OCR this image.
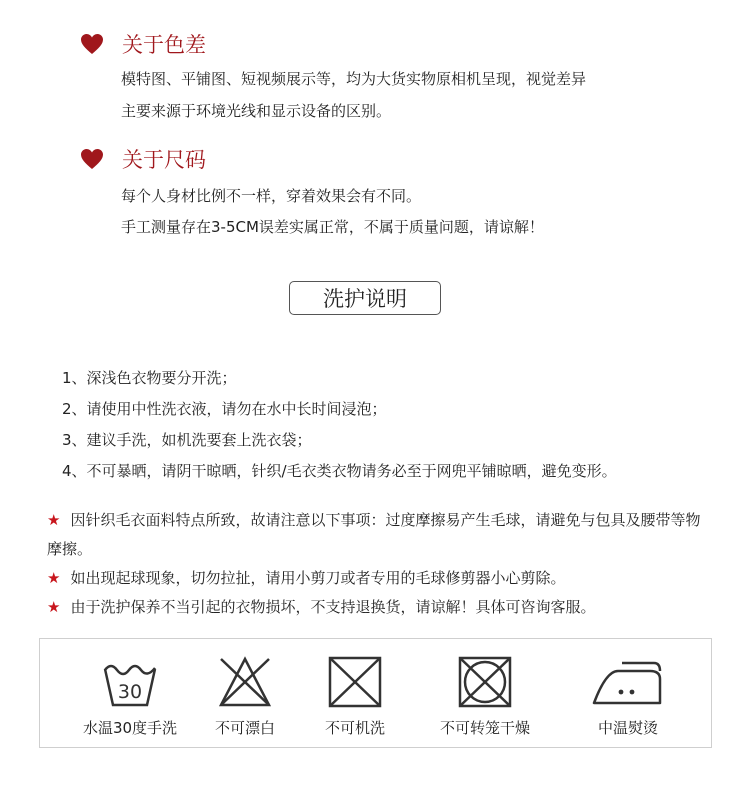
关于色差
模特图、平铺图、短视频展示等，均为大货实物原相机呈现，视觉差异
主要来源于环境光线和显示设备的区别。
关于尺码
每个人身材比例不一样，穿着效果会有不同。
手工测量存在3-5CM误差实属正常，不属于质量问题，请谅解！
洗护说明
1、深浅色衣物要分开洗；
2、请使用中性洗衣液，请勿在水中长时间浸泡；
3、建议手洗，如机洗要套上洗衣袋；
4、不可暴晒，请阴干晾晒，针织/毛衣类衣物请务必至于网兜平铺晾晒，避免变形。
★ 因针织毛衣面料特点所致，故请注意以下事项：过度摩擦易产生毛球，请避免与包具及腰带等物摩擦。
★ 如出现起球现象，切勿拉扯，请用小剪刀或者专用的毛球修剪器小心剪除。
★ 由于洗护保养不当引起的衣物损坏，不支持退换货，请谅解！具体可咨询客服。
30
水温30度手洗	不可漂白	不可机洗	不可转笼干燥	中温熨烫
